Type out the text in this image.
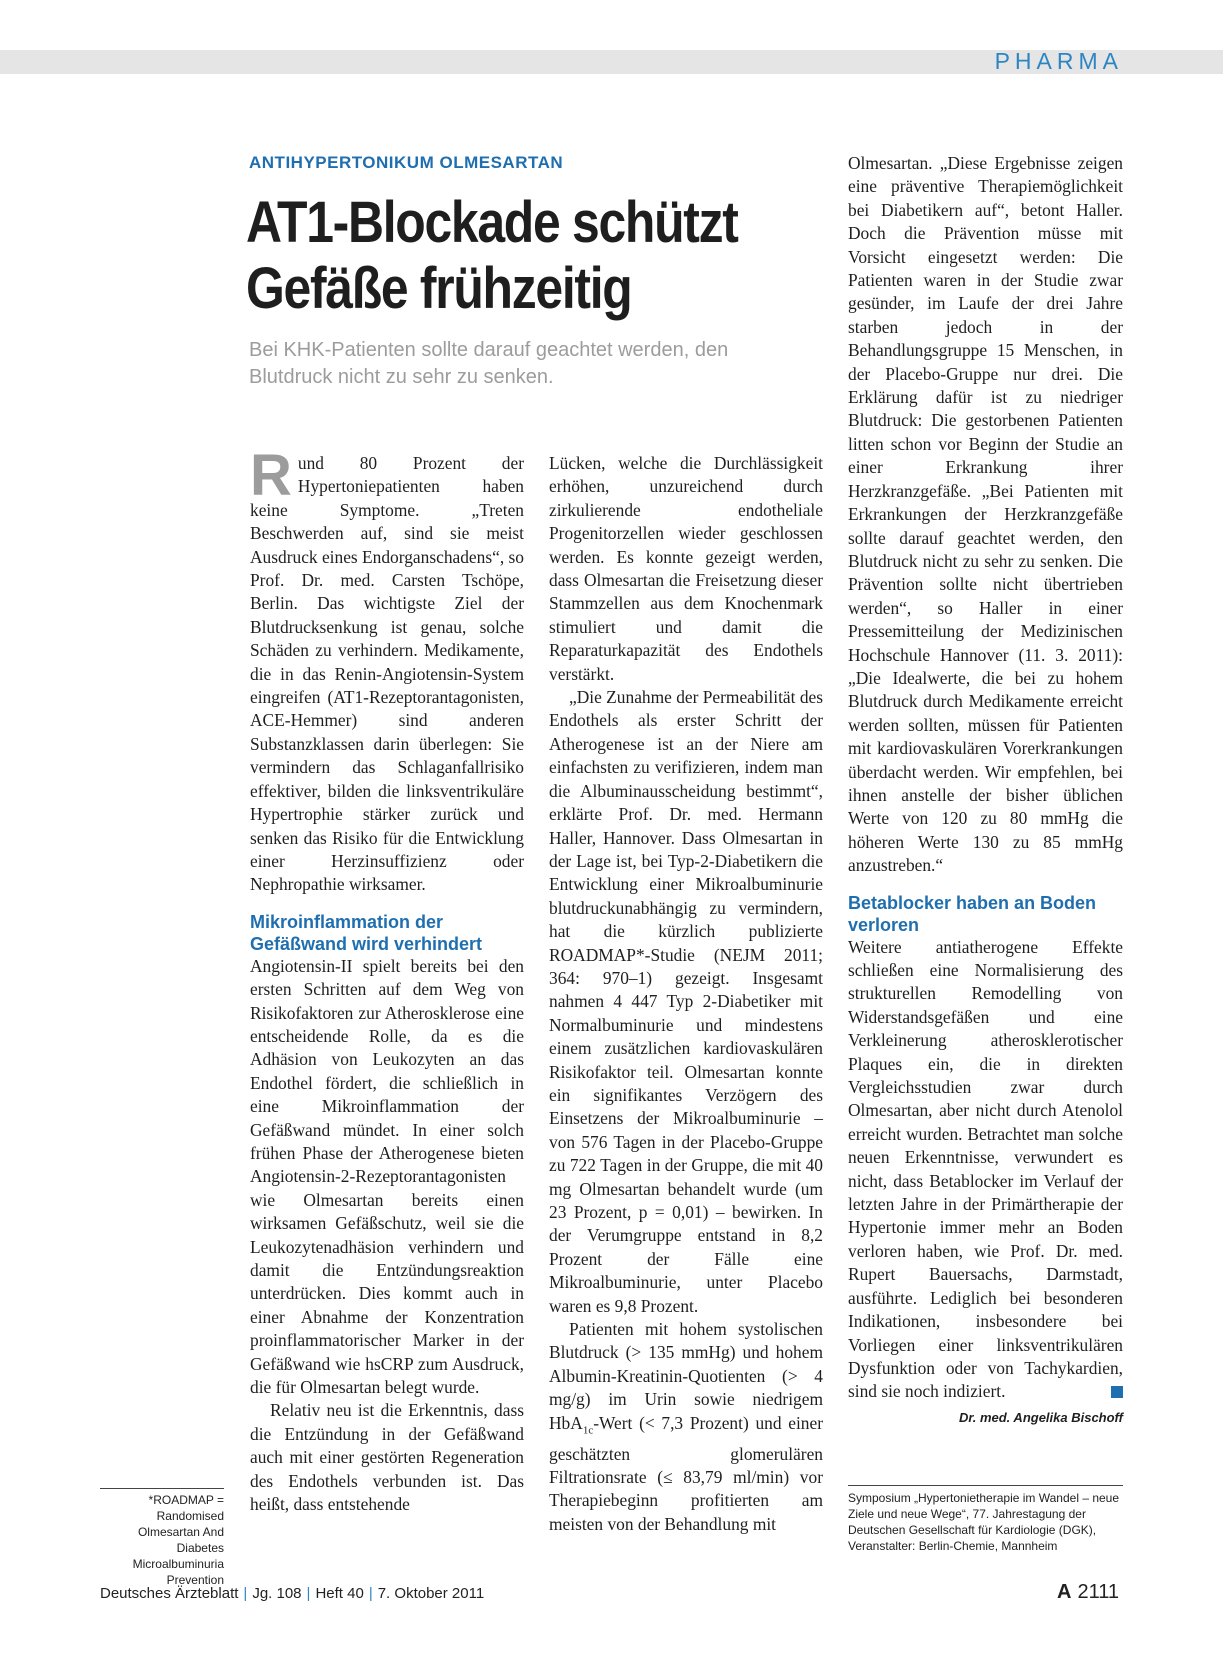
PHARMA
ANTIHYPERTONIKUM OLMESARTAN
AT1-Blockade schützt
Gefäße frühzeitig
Bei KHK-Patienten sollte darauf geachtet werden, den Blutdruck nicht zu sehr zu senken.

Rund 80 Prozent der Hypertoniepatienten haben keine Symptome. „Treten Beschwerden auf, sind sie meist Ausdruck eines Endorganschadens“, so Prof. Dr. med. Carsten Tschöpe, Berlin. Das wichtigste Ziel der Blutdrucksenkung ist genau, solche Schäden zu verhindern. Medikamente, die in das Renin-Angiotensin-System eingreifen (AT1-Rezeptorantagonisten, ACE-Hemmer) sind anderen Substanzklassen darin überlegen: Sie vermindern das Schlaganfallrisiko effektiver, bilden die linksventrikuläre Hypertrophie stärker zurück und senken das Risiko für die Entwicklung einer Herzinsuffizienz oder Nephropathie wirksamer.

Mikroinflammation der Gefäßwand wird verhindert

Angiotensin-II spielt bereits bei den ersten Schritten auf dem Weg von Risikofaktoren zur Atherosklerose eine entscheidende Rolle, da es die Adhäsion von Leukozyten an das Endothel fördert, die schließlich in eine Mikroinflammation der Gefäßwand mündet. In einer solch frühen Phase der Atherogenese bieten Angiotensin-2-Rezeptorantagonisten wie Olmesartan bereits einen wirksamen Gefäßschutz, weil sie die Leukozytenadhäsion verhindern und damit die Entzündungsreaktion unterdrücken. Dies kommt auch in einer Abnahme der Konzentration proinflammatorischer Marker in der Gefäßwand wie hsCRP zum Ausdruck, die für Olmesartan belegt wurde.

Relativ neu ist die Erkenntnis, dass die Entzündung in der Gefäßwand auch mit einer gestörten Regeneration des Endothels verbunden ist. Das heißt, dass entstehende

Lücken, welche die Durchlässigkeit erhöhen, unzureichend durch zirkulierende endotheliale Progenitorzellen wieder geschlossen werden. Es konnte gezeigt werden, dass Olmesartan die Freisetzung dieser Stammzellen aus dem Knochenmark stimuliert und damit die Reparaturkapazität des Endothels verstärkt.

„Die Zunahme der Permeabilität des Endothels als erster Schritt der Atherogenese ist an der Niere am einfachsten zu verifizieren, indem man die Albuminausscheidung bestimmt“, erklärte Prof. Dr. med. Hermann Haller, Hannover. Dass Olmesartan in der Lage ist, bei Typ-2-Diabetikern die Entwicklung einer Mikroalbuminurie blutdruckunabhängig zu vermindern, hat die kürzlich publizierte ROADMAP*-Studie (NEJM 2011; 364: 970–1) gezeigt. Insgesamt nahmen 4 447 Typ 2-Diabetiker mit Normalbuminurie und mindestens einem zusätzlichen kardiovaskulären Risikofaktor teil. Olmesartan konnte ein signifikantes Verzögern des Einsetzens der Mikroalbuminurie – von 576 Tagen in der Placebo-Gruppe zu 722 Tagen in der Gruppe, die mit 40 mg Olmesartan behandelt wurde (um 23 Prozent, p = 0,01) – bewirken. In der Verumgruppe entstand in 8,2 Prozent der Fälle eine Mikroalbuminurie, unter Placebo waren es 9,8 Prozent.

Patienten mit hohem systolischen Blutdruck (> 135 mmHg) und hohem Albumin-Kreatinin-Quotienten (> 4 mg/g) im Urin sowie niedrigem HbA$_{1c}$-Wert (< 7,3 Prozent) und einer geschätzten glomerulären Filtrationsrate (≤ 83,79 ml/min) vor Therapiebeginn profitierten am meisten von der Behandlung mit

Olmesartan. „Diese Ergebnisse zeigen eine präventive Therapiemöglichkeit bei Diabetikern auf“, betont Haller. Doch die Prävention müsse mit Vorsicht eingesetzt werden: Die Patienten waren in der Studie zwar gesünder, im Laufe der drei Jahre starben jedoch in der Behandlungsgruppe 15 Menschen, in der Placebo-Gruppe nur drei. Die Erklärung dafür ist zu niedriger Blutdruck: Die gestorbenen Patienten litten schon vor Beginn der Studie an einer Erkrankung ihrer Herzkranzgefäße. „Bei Patienten mit Erkrankungen der Herzkranzgefäße sollte darauf geachtet werden, den Blutdruck nicht zu sehr zu senken. Die Prävention sollte nicht übertrieben werden“, so Haller in einer Pressemitteilung der Medizinischen Hochschule Hannover (11. 3. 2011): „Die Idealwerte, die bei zu hohem Blutdruck durch Medikamente erreicht werden sollten, müssen für Patienten mit kardiovaskulären Vorerkrankungen überdacht werden. Wir empfehlen, bei ihnen anstelle der bisher üblichen Werte von 120 zu 80 mmHg die höheren Werte 130 zu 85 mmHg anzustreben.“

Betablocker haben an Boden verloren

Weitere antiatherogene Effekte schließen eine Normalisierung des strukturellen Remodelling von Widerstandsgefäßen und eine Verkleinerung atherosklerotischer Plaques ein, die in direkten Vergleichsstudien zwar durch Olmesartan, aber nicht durch Atenolol erreicht wurden. Betrachtet man solche neuen Erkenntnisse, verwundert es nicht, dass Betablocker im Verlauf der letzten Jahre in der Primärtherapie der Hypertonie immer mehr an Boden verloren haben, wie Prof. Dr. med. Rupert Bauersachs, Darmstadt, ausführte. Lediglich bei besonderen Indikationen, insbesondere bei Vorliegen einer linksventrikulären Dysfunktion oder von Tachykardien, sind sie noch indiziert.

Dr. med. Angelika Bischoff
*ROADMAP = Randomised Olmesartan And Diabetes Microalbuminuria Prevention
Symposium „Hypertonietherapie im Wandel – neue Ziele und neue Wege“, 77. Jahrestagung der Deutschen Gesellschaft für Kardiologie (DGK), Veranstalter: Berlin-Chemie, Mannheim
Deutsches Ärzteblatt | Jg. 108 | Heft 40 | 7. Oktober 2011	A 2111
